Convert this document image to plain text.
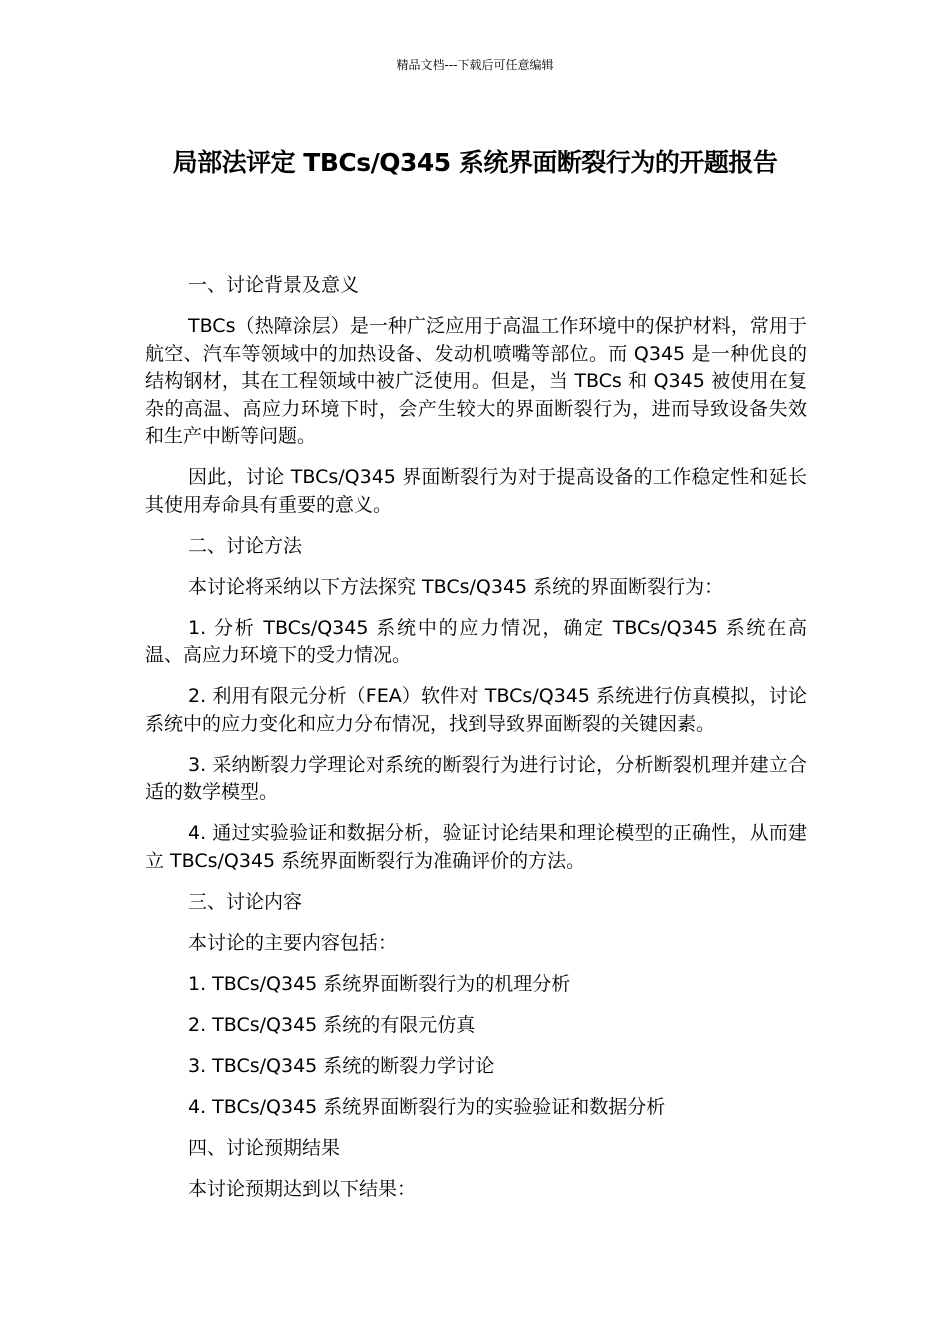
精品文档---下载后可任意编辑
局部法评定 TBCs/Q345 系统界面断裂行为的开题报告

一、讨论背景及意义

TBCs（热障涂层）是一种广泛应用于高温工作环境中的保护材料，常用于航空、汽车等领域中的加热设备、发动机喷嘴等部位。而 Q345 是一种优良的结构钢材，其在工程领域中被广泛使用。但是，当 TBCs 和 Q345 被使用在复杂的高温、高应力环境下时，会产生较大的界面断裂行为，进而导致设备失效和生产中断等问题。

因此，讨论 TBCs/Q345 界面断裂行为对于提高设备的工作稳定性和延长其使用寿命具有重要的意义。

二、讨论方法

本讨论将采纳以下方法探究 TBCs/Q345 系统的界面断裂行为：

1. 分析 TBCs/Q345 系统中的应力情况，确定 TBCs/Q345 系统在高温、高应力环境下的受力情况。

2. 利用有限元分析（FEA）软件对 TBCs/Q345 系统进行仿真模拟，讨论系统中的应力变化和应力分布情况，找到导致界面断裂的关键因素。

3. 采纳断裂力学理论对系统的断裂行为进行讨论，分析断裂机理并建立合适的数学模型。

4. 通过实验验证和数据分析，验证讨论结果和理论模型的正确性，从而建立 TBCs/Q345 系统界面断裂行为准确评价的方法。

三、讨论内容

本讨论的主要内容包括：

1. TBCs/Q345 系统界面断裂行为的机理分析

2. TBCs/Q345 系统的有限元仿真

3. TBCs/Q345 系统的断裂力学讨论

4. TBCs/Q345 系统界面断裂行为的实验验证和数据分析

四、讨论预期结果

本讨论预期达到以下结果：
